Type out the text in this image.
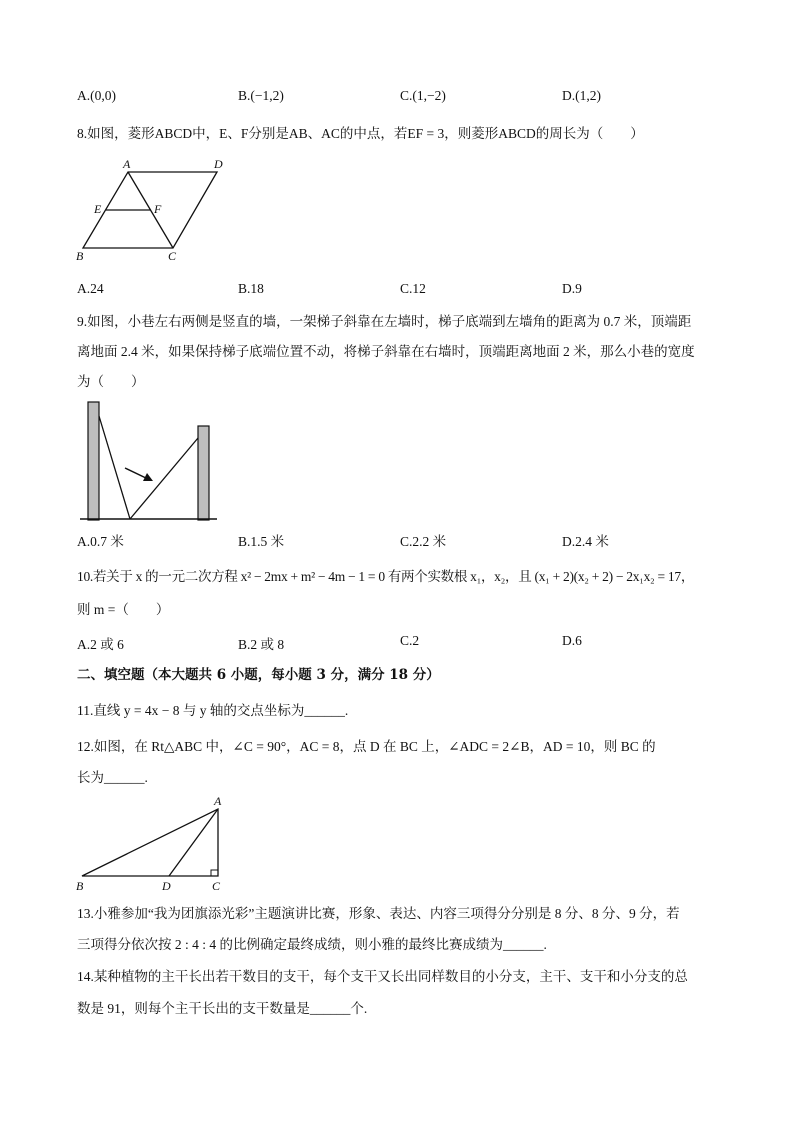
A.(0,0)	B.(−1,2)	C.(1,−2)	D.(1,2)
8.如图，菱形ABCD中，E、F分别是AB、AC的中点，若EF = 3，则菱形ABCD的周长为（　　）
A	D
E	F
B	C
A.24	B.18	C.12	D.9
9.如图，小巷左右两侧是竖直的墙，一架梯子斜靠在左墙时，梯子底端到左墙角的距离为 0.7 米，顶端距
离地面 2.4 米，如果保持梯子底端位置不动，将梯子斜靠在右墙时，顶端距离地面 2 米，那么小巷的宽度
为（　　）
A.0.7 米	B.1.5 米	C.2.2 米	D.2.4 米
10.若关于 x 的一元二次方程 x² − 2mx + m² − 4m − 1 = 0 有两个实数根 x₁，x₂，且 (x₁ + 2)(x₂ + 2) − 2x₁x₂ = 17，
则 m =（　　）
A.2 或 6	B.2 或 8	C.2	D.6
二、填空题（本大题共 6 小题，每小题 3 分，满分 18 分）
11.直线 y = 4x − 8 与 y 轴的交点坐标为______.
12.如图，在 Rt△ABC 中，∠C = 90°，AC = 8，点 D 在 BC 上，∠ADC = 2∠B，AD = 10，则 BC 的
长为______.
A
B	D	C
13.小雅参加“我为团旗添光彩”主题演讲比赛，形象、表达、内容三项得分分别是 8 分、8 分、9 分，若
三项得分依次按 2 : 4 : 4 的比例确定最终成绩，则小雅的最终比赛成绩为______.
14.某种植物的主干长出若干数目的支干，每个支干又长出同样数目的小分支，主干、支干和小分支的总
数是 91，则每个主干长出的支干数量是______个.
